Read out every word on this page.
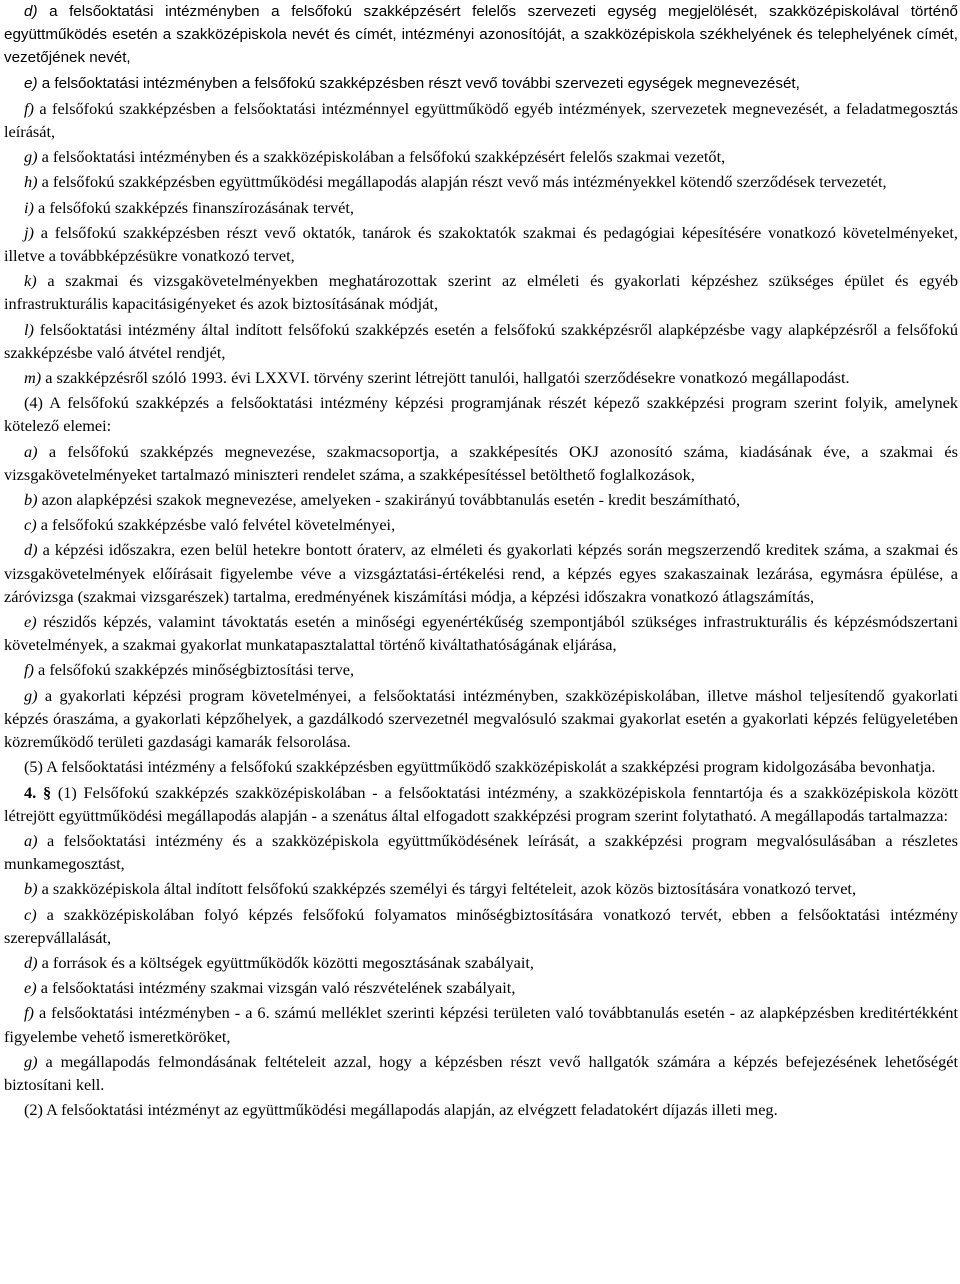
d) a felsőoktatási intézményben a felsőfokú szakképzésért felelős szervezeti egység megjelölését, szakközépiskolával történő együttműködés esetén a szakközépiskola nevét és címét, intézményi azonosítóját, a szakközépiskola székhelyének és telephelyének címét, vezetőjének nevét,

e) a felsőoktatási intézményben a felsőfokú szakképzésben részt vevő további szervezeti egységek megnevezését,

f) a felsőfokú szakképzésben a felsőoktatási intézménnyel együttműködő egyéb intézmények, szervezetek megnevezését, a feladatmegosztás leírását,

g) a felsőoktatási intézményben és a szakközépiskolában a felsőfokú szakképzésért felelős szakmai vezetőt,

h) a felsőfokú szakképzésben együttműködési megállapodás alapján részt vevő más intézményekkel kötendő szerződések tervezetét,

i) a felsőfokú szakképzés finanszírozásának tervét,

j) a felsőfokú szakképzésben részt vevő oktatók, tanárok és szakoktatók szakmai és pedagógiai képesítésére vonatkozó követelményeket, illetve a továbbképzésükre vonatkozó tervet,

k) a szakmai és vizsgakövetelményekben meghatározottak szerint az elméleti és gyakorlati képzéshez szükséges épület és egyéb infrastrukturális kapacitásigényeket és azok biztosításának módját,

l) felsőoktatási intézmény által indított felsőfokú szakképzés esetén a felsőfokú szakképzésről alapképzésbe vagy alapképzésről a felsőfokú szakképzésbe való átvétel rendjét,

m) a szakképzésről szóló 1993. évi LXXVI. törvény szerint létrejött tanulói, hallgatói szerződésekre vonatkozó megállapodást.

(4) A felsőfokú szakképzés a felsőoktatási intézmény képzési programjának részét képező szakképzési program szerint folyik, amelynek kötelező elemei:

a) a felsőfokú szakképzés megnevezése, szakmacsoportja, a szakképesítés OKJ azonosító száma, kiadásának éve, a szakmai és vizsgakövetelményeket tartalmazó miniszteri rendelet száma, a szakképesítéssel betölthető foglalkozások,

b) azon alapképzési szakok megnevezése, amelyeken - szakirányú továbbtanulás esetén - kredit beszámítható,

c) a felsőfokú szakképzésbe való felvétel követelményei,

d) a képzési időszakra, ezen belül hetekre bontott óraterv, az elméleti és gyakorlati képzés során megszerzendő kreditek száma, a szakmai és vizsgakövetelmények előírásait figyelembe véve a vizsgáztatási-értékelési rend, a képzés egyes szakaszainak lezárása, egymásra épülése, a záróvizsga (szakmai vizsgarészek) tartalma, eredményének kiszámítási módja, a képzési időszakra vonatkozó átlagszámítás,

e) részidős képzés, valamint távoktatás esetén a minőségi egyenértékűség szempontjából szükséges infrastrukturális és képzésmódszertani követelmények, a szakmai gyakorlat munkatapasztalattal történő kiváltathatóságának eljárása,

f) a felsőfokú szakképzés minőségbiztosítási terve,

g) a gyakorlati képzési program követelményei, a felsőoktatási intézményben, szakközépiskolában, illetve máshol teljesítendő gyakorlati képzés óraszáma, a gyakorlati képzőhelyek, a gazdálkodó szervezetnél megvalósuló szakmai gyakorlat esetén a gyakorlati képzés felügyeletében közreműködő területi gazdasági kamarák felsorolása.

(5) A felsőoktatási intézmény a felsőfokú szakképzésben együttműködő szakközépiskolát a szakképzési program kidolgozásába bevonhatja.

4. § (1) Felsőfokú szakképzés szakközépiskolában - a felsőoktatási intézmény, a szakközépiskola fenntartója és a szakközépiskola között létrejött együttműködési megállapodás alapján - a szenátus által elfogadott szakképzési program szerint folytatható. A megállapodás tartalmazza:

a) a felsőoktatási intézmény és a szakközépiskola együttműködésének leírását, a szakképzési program megvalósulásában a részletes munkamegosztást,

b) a szakközépiskola által indított felsőfokú szakképzés személyi és tárgyi feltételeit, azok közös biztosítására vonatkozó tervet,

c) a szakközépiskolában folyó képzés felsőfokú folyamatos minőségbiztosítására vonatkozó tervét, ebben a felsőoktatási intézmény szerepvállalását,

d) a források és a költségek együttműködők közötti megosztásának szabályait,

e) a felsőoktatási intézmény szakmai vizsgán való részvételének szabályait,

f) a felsőoktatási intézményben - a 6. számú melléklet szerinti képzési területen való továbbtanulás esetén - az alapképzésben kreditértékként figyelembe vehető ismeretköröket,

g) a megállapodás felmondásának feltételeit azzal, hogy a képzésben részt vevő hallgatók számára a képzés befejezésének lehetőségét biztosítani kell.

(2) A felsőoktatási intézményt az együttműködési megállapodás alapján, az elvégzett feladatokért díjazás illeti meg.
